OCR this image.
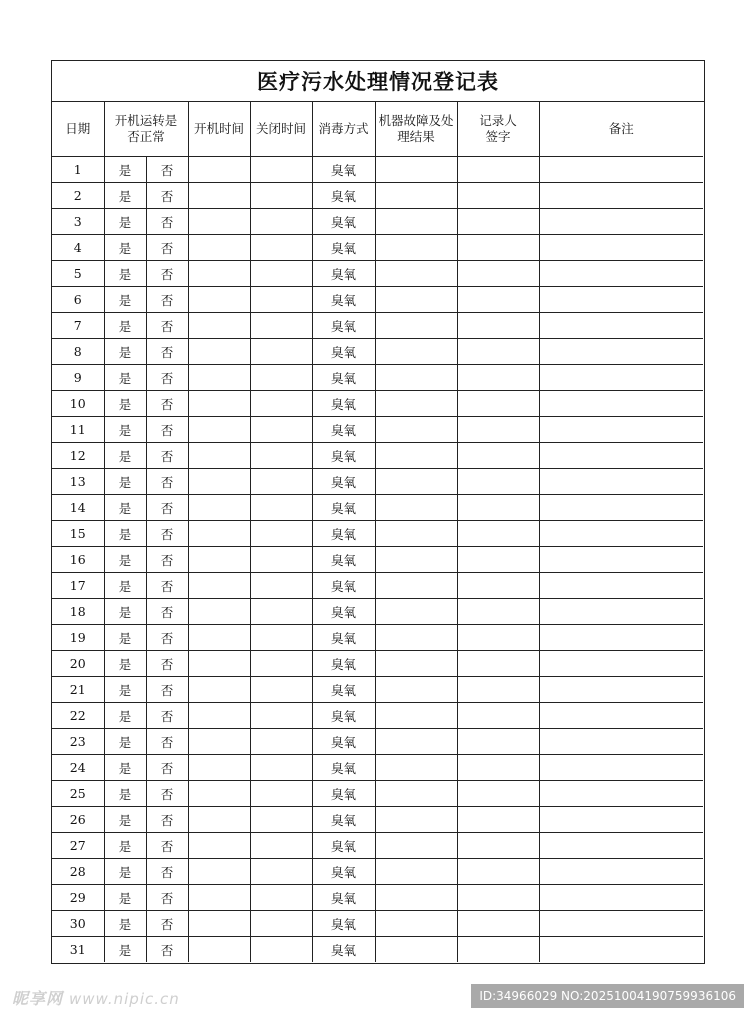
医疗污水处理情况登记表
日期	开机运转是否正常		开机时间	关闭时间	消毒方式	机器故障及处理结果	记录人签字	备注
1	是	否			臭氧			
2	是	否			臭氧			
3	是	否			臭氧			
4	是	否			臭氧			
5	是	否			臭氧			
6	是	否			臭氧			
7	是	否			臭氧			
8	是	否			臭氧			
9	是	否			臭氧			
10	是	否			臭氧			
11	是	否			臭氧			
12	是	否			臭氧			
13	是	否			臭氧			
14	是	否			臭氧			
15	是	否			臭氧			
16	是	否			臭氧			
17	是	否			臭氧			
18	是	否			臭氧			
19	是	否			臭氧			
20	是	否			臭氧			
21	是	否			臭氧			
22	是	否			臭氧			
23	是	否			臭氧			
24	是	否			臭氧			
25	是	否			臭氧			
26	是	否			臭氧			
27	是	否			臭氧			
28	是	否			臭氧			
29	是	否			臭氧			
30	是	否			臭氧			
31	是	否			臭氧			
昵享网 www.nipic.cn	ID:34966029 NO:20251004190759936106
